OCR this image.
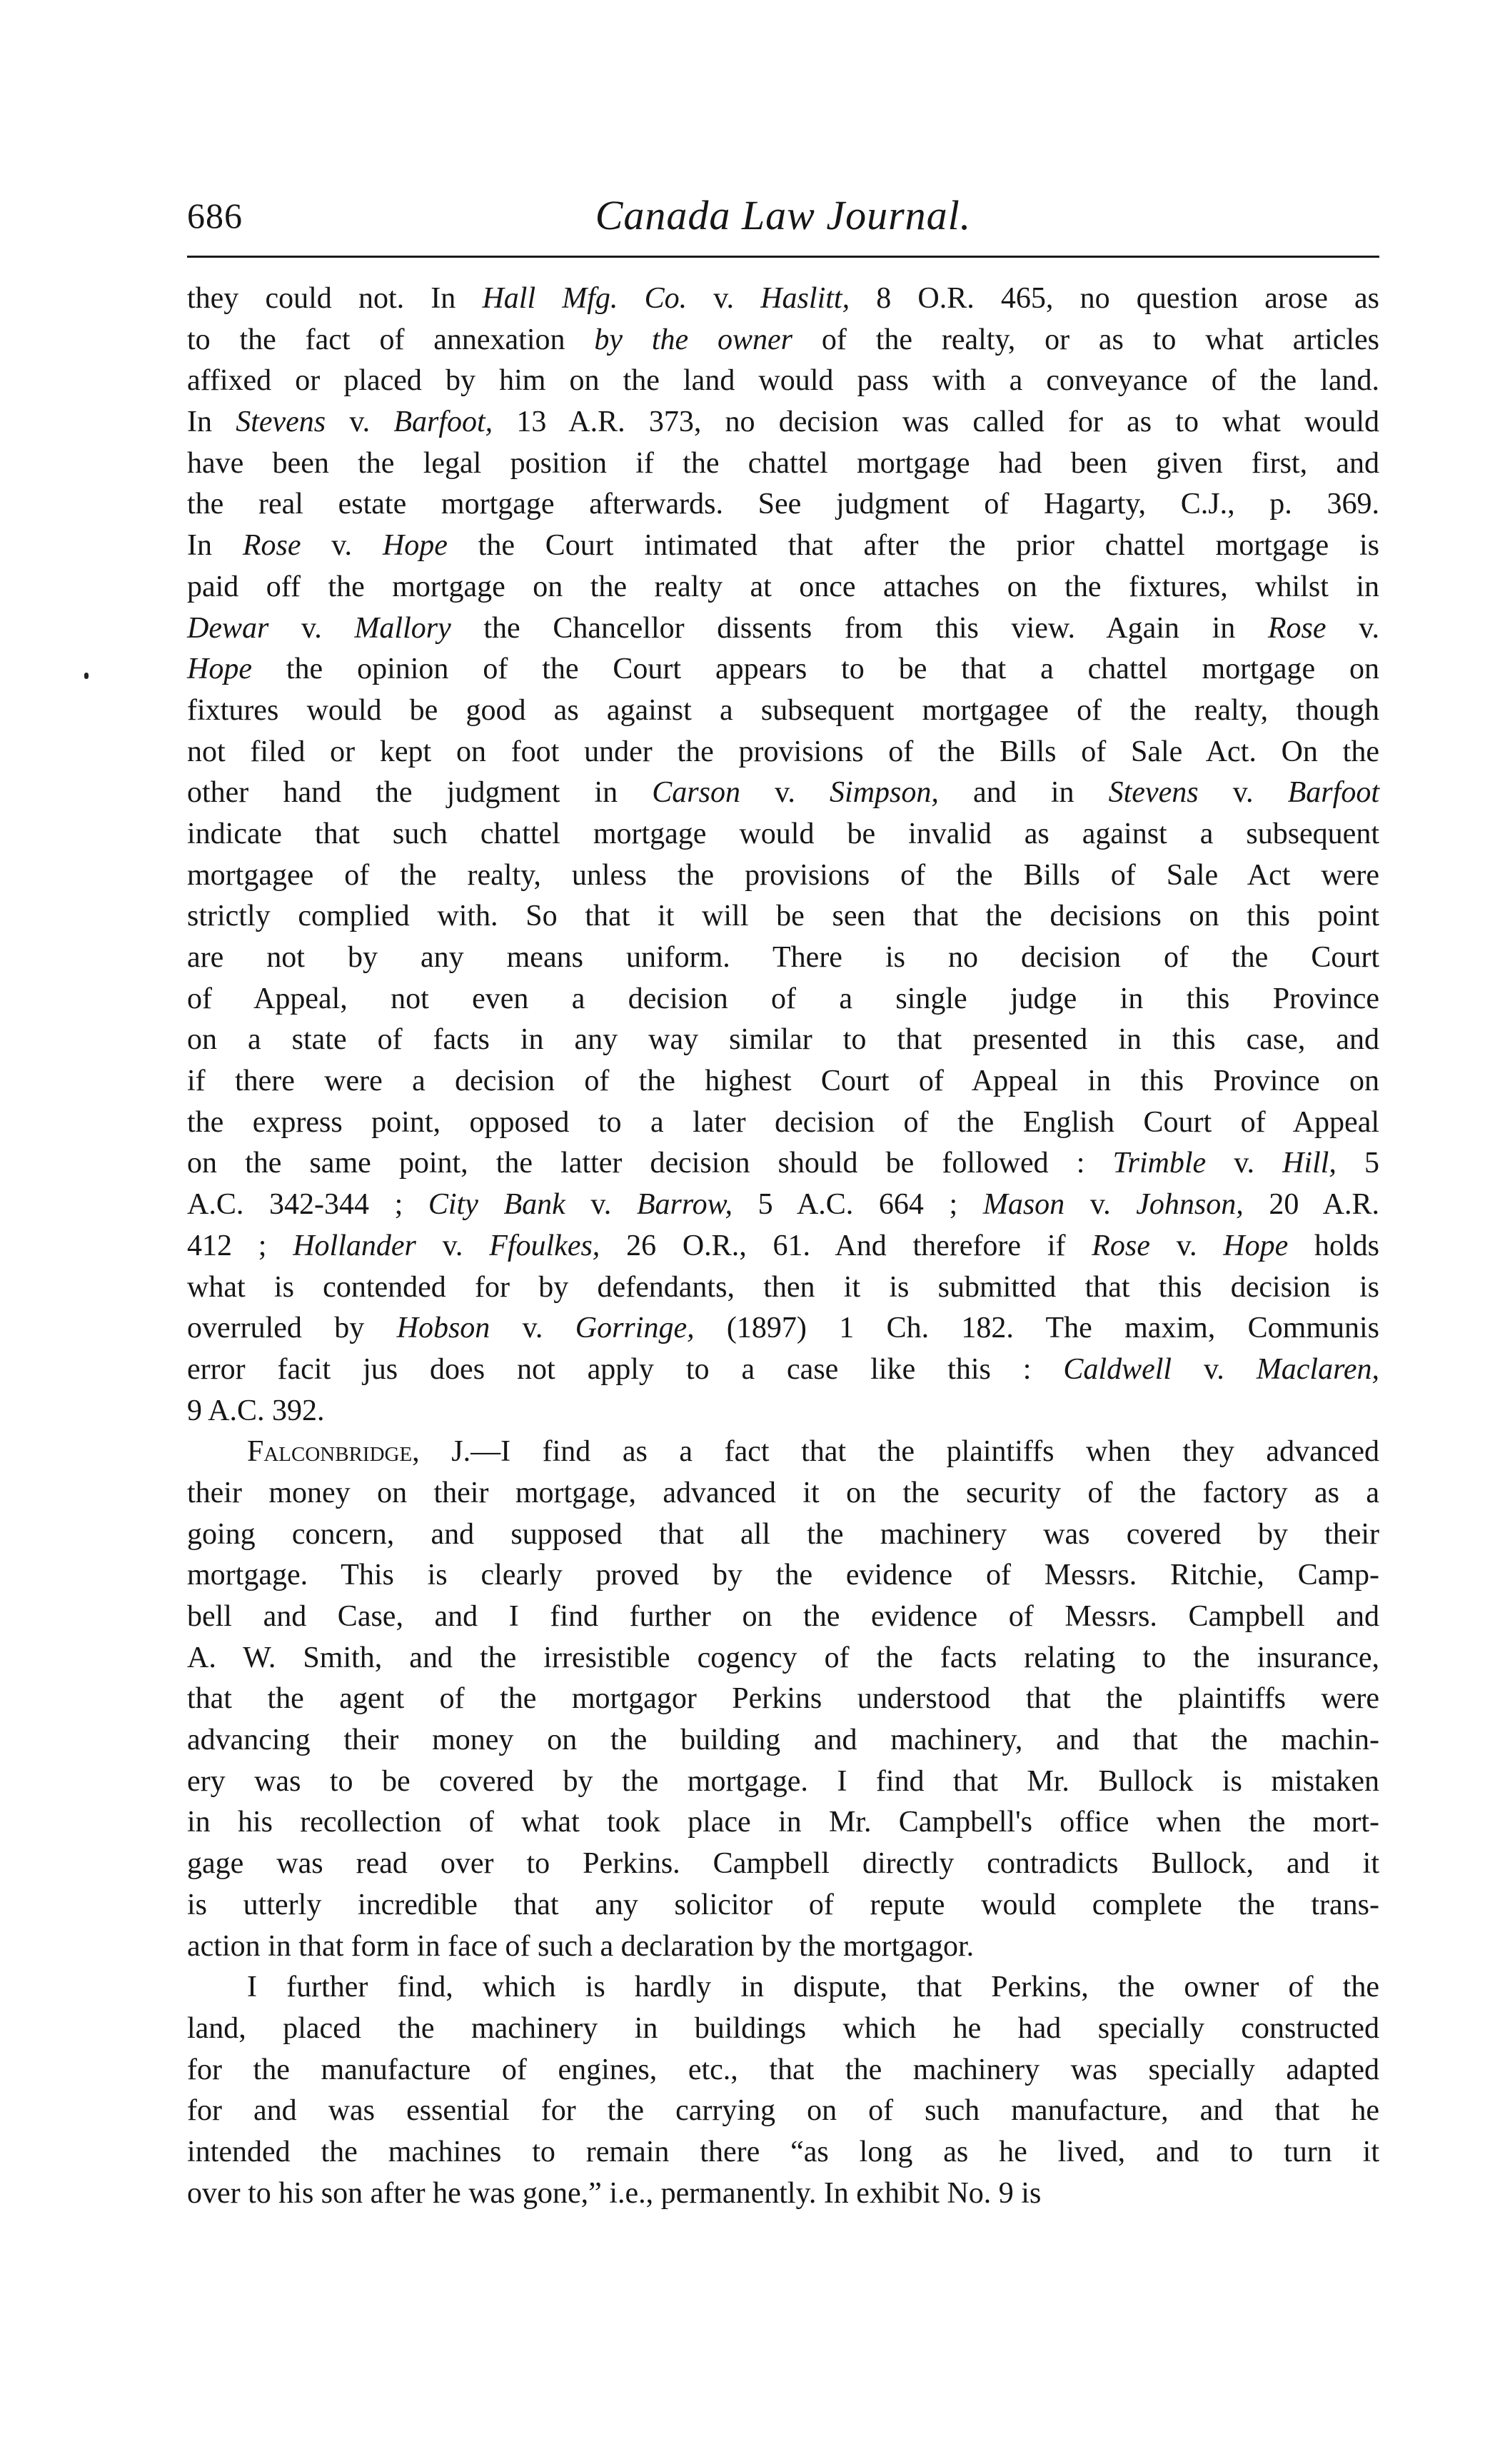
686	Canada Law Journal.
they could not. In Hall Mfg. Co. v. Haslitt, 8 O.R. 465, no question arose as
to the fact of annexation by the owner of the realty, or as to what articles
affixed or placed by him on the land would pass with a conveyance of the land.
In Stevens v. Barfoot, 13 A.R. 373, no decision was called for as to what would
have been the legal position if the chattel mortgage had been given first, and
the real estate mortgage afterwards. See judgment of Hagarty, C.J., p. 369.
In Rose v. Hope the Court intimated that after the prior chattel mortgage is
paid off the mortgage on the realty at once attaches on the fixtures, whilst in
Dewar v. Mallory the Chancellor dissents from this view. Again in Rose v.
Hope the opinion of the Court appears to be that a chattel mortgage on
fixtures would be good as against a subsequent mortgagee of the realty, though
not filed or kept on foot under the provisions of the Bills of Sale Act. On the
other hand the judgment in Carson v. Simpson, and in Stevens v. Barfoot
indicate that such chattel mortgage would be invalid as against a subsequent
mortgagee of the realty, unless the provisions of the Bills of Sale Act were
strictly complied with. So that it will be seen that the decisions on this point
are not by any means uniform. There is no decision of the Court
of Appeal, not even a decision of a single judge in this Province
on a state of facts in any way similar to that presented in this case, and
if there were a decision of the highest Court of Appeal in this Province on
the express point, opposed to a later decision of the English Court of Appeal
on the same point, the latter decision should be followed : Trimble v. Hill, 5
A.C. 342-344 ; City Bank v. Barrow, 5 A.C. 664 ; Mason v. Johnson, 20 A.R.
412 ; Hollander v. Ffoulkes, 26 O.R., 61. And therefore if Rose v. Hope holds
what is contended for by defendants, then it is submitted that this decision is
overruled by Hobson v. Gorringe, (1897) 1 Ch. 182. The maxim, Communis
error facit jus does not apply to a case like this : Caldwell v. Maclaren,
9 A.C. 392.
Falconbridge, J.—I find as a fact that the plaintiffs when they advanced
their money on their mortgage, advanced it on the security of the factory as a
going concern, and supposed that all the machinery was covered by their
mortgage. This is clearly proved by the evidence of Messrs. Ritchie, Camp-
bell and Case, and I find further on the evidence of Messrs. Campbell and
A. W. Smith, and the irresistible cogency of the facts relating to the insurance,
that the agent of the mortgagor Perkins understood that the plaintiffs were
advancing their money on the building and machinery, and that the machin-
ery was to be covered by the mortgage. I find that Mr. Bullock is mistaken
in his recollection of what took place in Mr. Campbell's office when the mort-
gage was read over to Perkins. Campbell directly contradicts Bullock, and it
is utterly incredible that any solicitor of repute would complete the trans-
action in that form in face of such a declaration by the mortgagor.
I further find, which is hardly in dispute, that Perkins, the owner of the
land, placed the machinery in buildings which he had specially constructed
for the manufacture of engines, etc., that the machinery was specially adapted
for and was essential for the carrying on of such manufacture, and that he
intended the machines to remain there “as long as he lived, and to turn it
over to his son after he was gone,” i.e., permanently. In exhibit No. 9 is
